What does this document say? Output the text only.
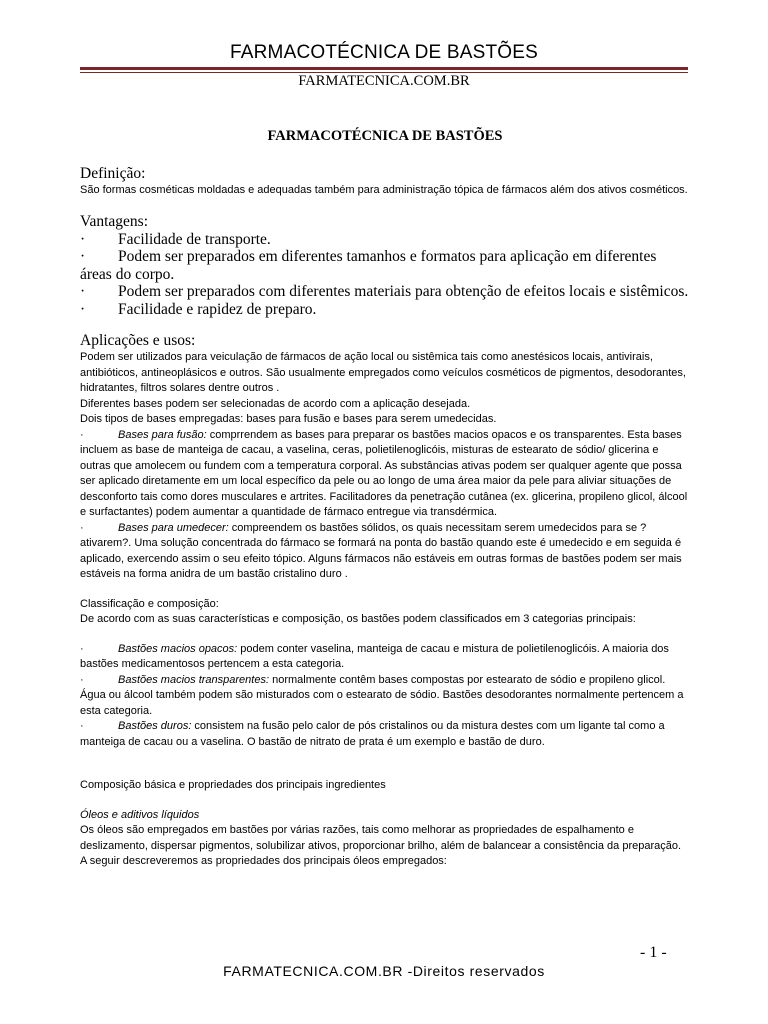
FARMACOTÉCNICA DE BASTÕES
FARMATECNICA.COM.BR
FARMACOTÉCNICA DE BASTÕES
Definição:
São formas cosméticas moldadas e adequadas também para administração tópica de fármacos além dos ativos cosméticos.
Vantagens:
· Facilidade de transporte.
· Podem ser preparados em diferentes tamanhos e formatos para aplicação em diferentes áreas do corpo.
· Podem ser preparados com diferentes materiais para obtenção de efeitos locais e sistêmicos.
· Facilidade e rapidez de preparo.
Aplicações e usos:
Podem ser utilizados para veiculação de fármacos de ação local ou sistêmica tais como anestésicos locais, antivirais, antibióticos, antineoplásicos e outros. São usualmente empregados como veículos cosméticos de pigmentos, desodorantes, hidratantes, filtros solares dentre outros .
Diferentes bases podem ser selecionadas de acordo com a aplicação desejada.
Dois tipos de bases empregadas: bases para fusão e bases para serem umedecidas.
·	Bases para fusão: comprrendem as bases para preparar os bastões macios opacos e os transparentes. Esta bases incluem as base de manteiga de cacau, a vaselina, ceras, polietilenoglicóis, misturas de estearato de sódio/ glicerina e outras que amolecem ou fundem com a temperatura corporal. As substâncias ativas podem ser qualquer agente que possa ser aplicado diretamente em um local específico da pele ou ao longo de uma área maior da pele para aliviar situações de desconforto tais como dores musculares e artrites. Facilitadores da penetração cutânea (ex. glicerina, propileno glicol, álcool e surfactantes) podem aumentar a quantidade de fármaco entregue via transdérmica.
·	Bases para umedecer: compreendem os bastões sólidos, os quais necessitam serem umedecidos para se ?ativarem?. Uma solução concentrada do fármaco se formará na ponta do bastão quando este é umedecido e em seguida é aplicado, exercendo assim o seu efeito tópico. Alguns fármacos não estáveis em outras formas de bastões podem ser mais estáveis na forma anidra de um bastão cristalino duro .
Classificação e composição:
De acordo com as suas características e composição, os bastões podem classificados em 3 categorias principais:
·	Bastões macios opacos: podem conter vaselina, manteiga de cacau e mistura de polietilenoglicóis. A maioria dos bastões medicamentosos pertencem a esta categoria.
·	Bastões macios transparentes: normalmente contêm bases compostas por estearato de sódio e propileno glicol. Água ou álcool também podem são misturados com o estearato de sódio. Bastões desodorantes normalmente pertencem a esta categoria.
·	Bastões duros: consistem na fusão pelo calor de pós cristalinos ou da mistura destes com um ligante tal como a manteiga de cacau ou a vaselina. O bastão de nitrato de prata é um exemplo e bastão de duro.
Composição básica e propriedades dos principais ingredientes
Óleos e aditivos líquidos
Os óleos são empregados em bastões por várias razões, tais como melhorar as propriedades de espalhamento e deslizamento, dispersar pigmentos, solubilizar ativos, proporcionar brilho, além de balancear a consistência da preparação. A seguir descreveremos as propriedades dos principais óleos empregados:
- 1 -
FARMATECNICA.COM.BR -Direitos reservados
